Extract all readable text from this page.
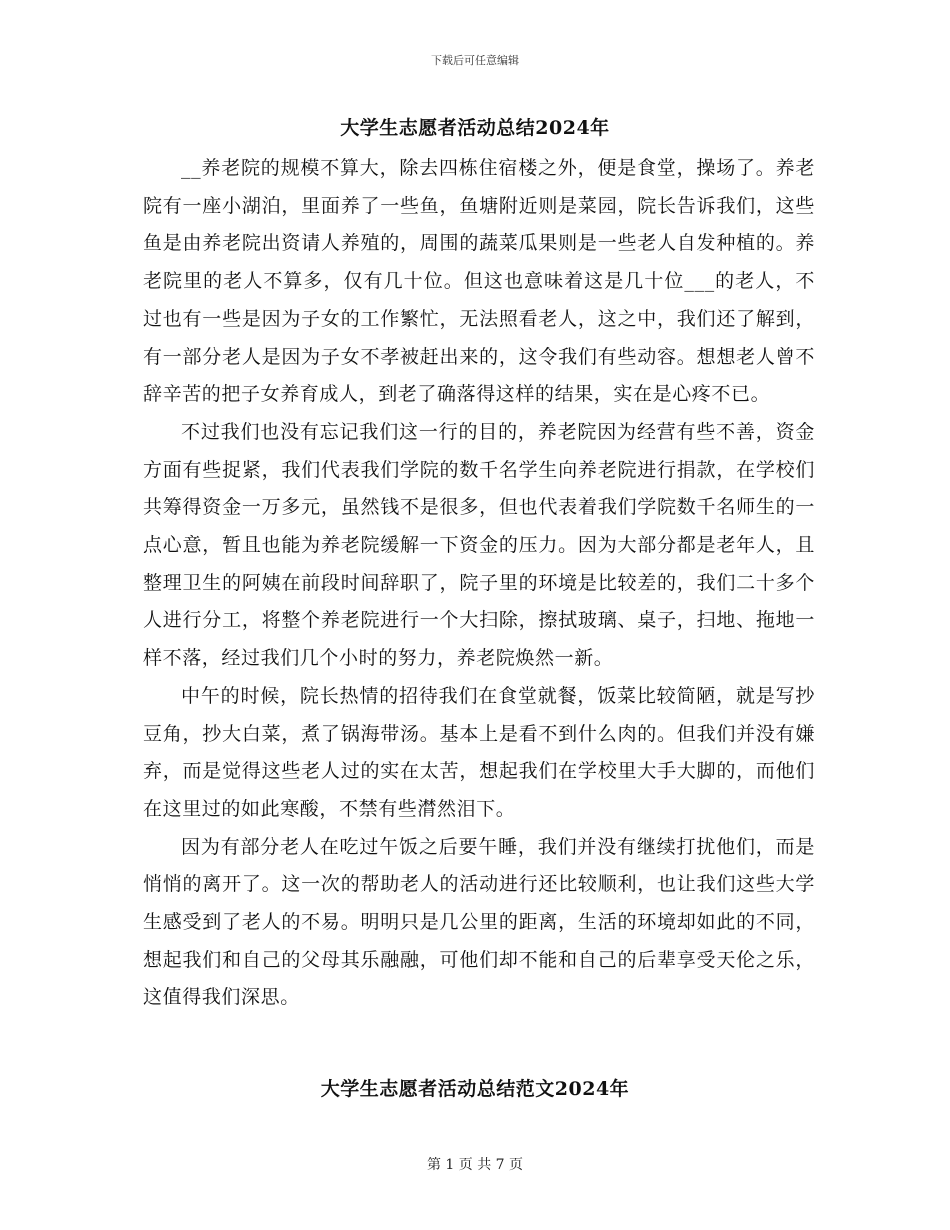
下载后可任意编辑
大学生志愿者活动总结2024年

__养老院的规模不算大，除去四栋住宿楼之外，便是食堂，操场了。养老院有一座小湖泊，里面养了一些鱼，鱼塘附近则是菜园，院长告诉我们，这些鱼是由养老院出资请人养殖的，周围的蔬菜瓜果则是一些老人自发种植的。养老院里的老人不算多，仅有几十位。但这也意味着这是几十位___的老人，不过也有一些是因为子女的工作繁忙，无法照看老人，这之中，我们还了解到，有一部分老人是因为子女不孝被赶出来的，这令我们有些动容。想想老人曾不辞辛苦的把子女养育成人，到老了确落得这样的结果，实在是心疼不已。

不过我们也没有忘记我们这一行的目的，养老院因为经营有些不善，资金方面有些捉紧，我们代表我们学院的数千名学生向养老院进行捐款，在学校们共筹得资金一万多元，虽然钱不是很多，但也代表着我们学院数千名师生的一点心意，暂且也能为养老院缓解一下资金的压力。因为大部分都是老年人，且整理卫生的阿姨在前段时间辞职了，院子里的环境是比较差的，我们二十多个人进行分工，将整个养老院进行一个大扫除，擦拭玻璃、桌子，扫地、拖地一样不落，经过我们几个小时的努力，养老院焕然一新。

中午的时候，院长热情的招待我们在食堂就餐，饭菜比较简陋，就是写抄豆角，抄大白菜，煮了锅海带汤。基本上是看不到什么肉的。但我们并没有嫌弃，而是觉得这些老人过的实在太苦，想起我们在学校里大手大脚的，而他们在这里过的如此寒酸，不禁有些潸然泪下。

因为有部分老人在吃过午饭之后要午睡，我们并没有继续打扰他们，而是悄悄的离开了。这一次的帮助老人的活动进行还比较顺利，也让我们这些大学生感受到了老人的不易。明明只是几公里的距离，生活的环境却如此的不同，想起我们和自己的父母其乐融融，可他们却不能和自己的后辈享受天伦之乐，这值得我们深思。

大学生志愿者活动总结范文2024年
第 1 页 共 7 页
